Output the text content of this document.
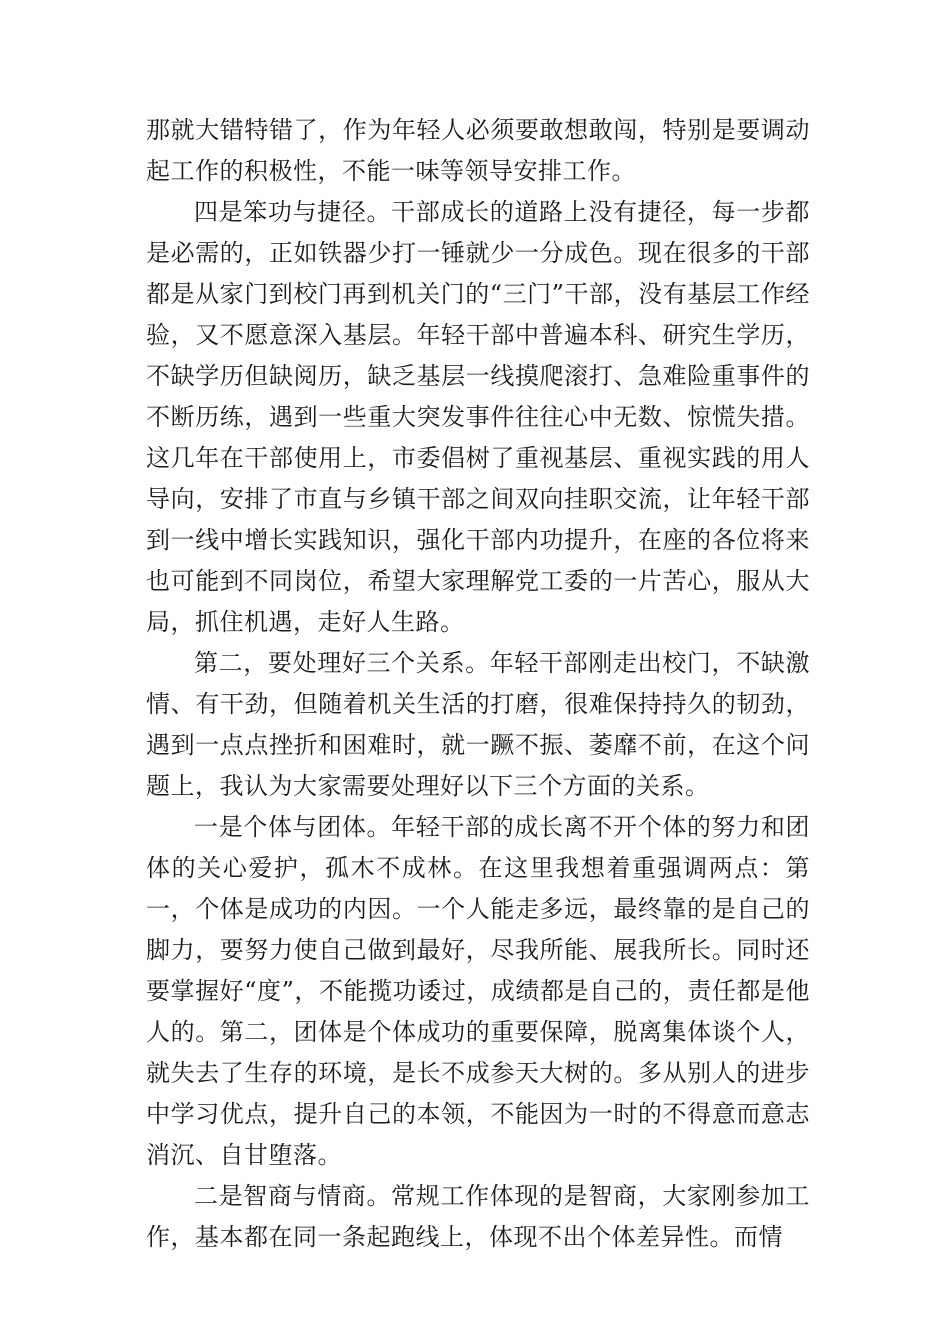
那就大错特错了，作为年轻人必须要敢想敢闯，特别是要调动起工作的积极性，不能一味等领导安排工作。

四是笨功与捷径。干部成长的道路上没有捷径，每一步都是必需的，正如铁器少打一锤就少一分成色。现在很多的干部都是从家门到校门再到机关门的“三门”干部，没有基层工作经验，又不愿意深入基层。年轻干部中普遍本科、研究生学历，不缺学历但缺阅历，缺乏基层一线摸爬滚打、急难险重事件的不断历练，遇到一些重大突发事件往往心中无数、惊慌失措。这几年在干部使用上，市委倡树了重视基层、重视实践的用人导向，安排了市直与乡镇干部之间双向挂职交流，让年轻干部到一线中增长实践知识，强化干部内功提升，在座的各位将来也可能到不同岗位，希望大家理解党工委的一片苦心，服从大局，抓住机遇，走好人生路。

第二，要处理好三个关系。年轻干部刚走出校门，不缺激情、有干劲，但随着机关生活的打磨，很难保持持久的韧劲，遇到一点点挫折和困难时，就一蹶不振、萎靡不前，在这个问题上，我认为大家需要处理好以下三个方面的关系。

一是个体与团体。年轻干部的成长离不开个体的努力和团体的关心爱护，孤木不成林。在这里我想着重强调两点：第一，个体是成功的内因。一个人能走多远，最终靠的是自己的脚力，要努力使自己做到最好，尽我所能、展我所长。同时还要掌握好“度”，不能揽功诿过，成绩都是自己的，责任都是他人的。第二，团体是个体成功的重要保障，脱离集体谈个人，就失去了生存的环境，是长不成参天大树的。多从别人的进步中学习优点，提升自己的本领，不能因为一时的不得意而意志消沉、自甘堕落。

二是智商与情商。常规工作体现的是智商，大家刚参加工作，基本都在同一条起跑线上，体现不出个体差异性。而情
